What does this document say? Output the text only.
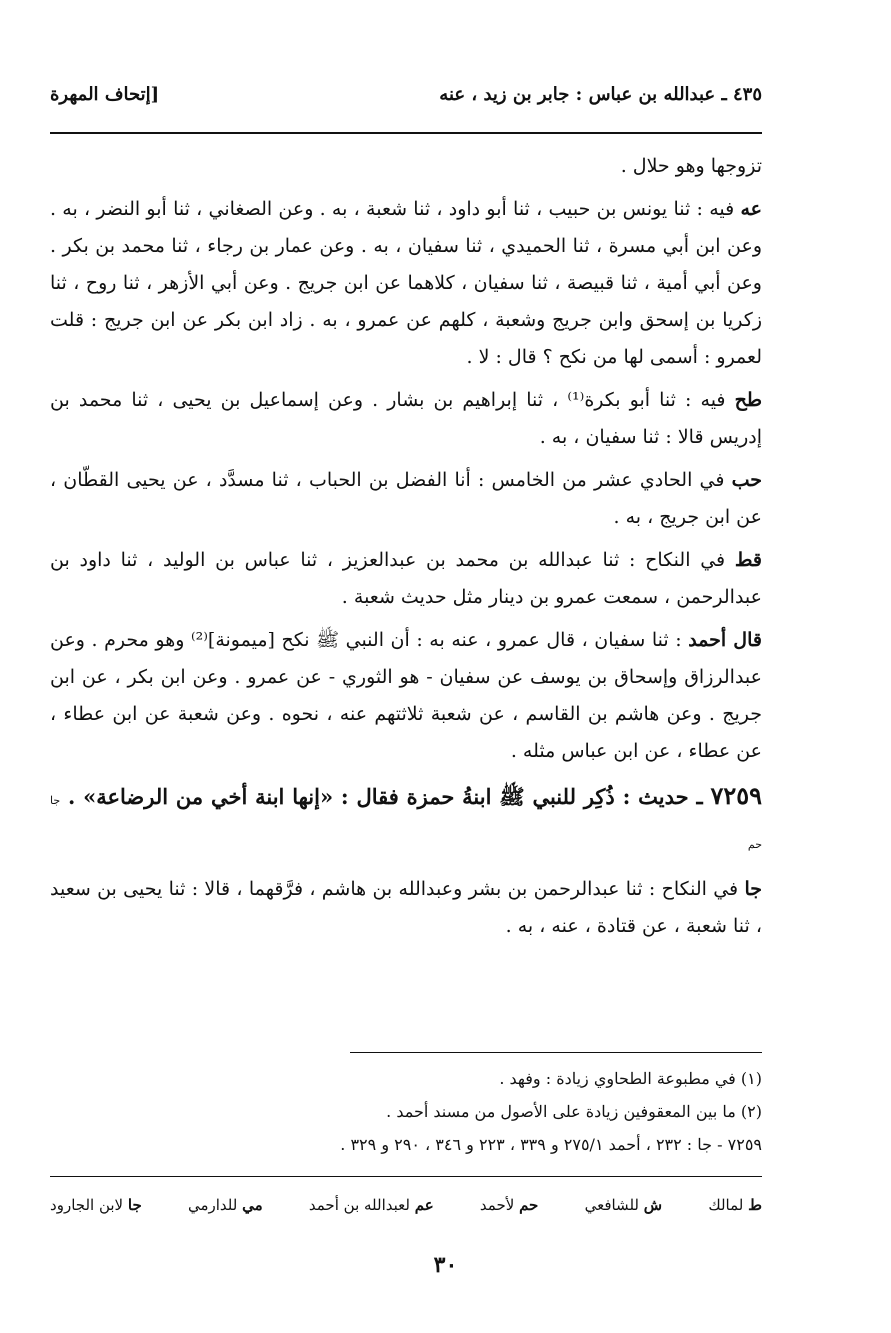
٤٣٥ ـ عبدالله بن عباس : جابر بن زيد ، عنه
[إتحاف المهرة

تزوجها وهو حلال .

عه فيه : ثنا يونس بن حبيب ، ثنا أبو داود ، ثنا شعبة ، به . وعن الصغاني ، ثنا أبو النضر ، به . وعن ابن أبي مسرة ، ثنا الحميدي ، ثنا سفيان ، به . وعن عمار بن رجاء ، ثنا محمد بن بكر . وعن أبي أمية ، ثنا قبيصة ، ثنا سفيان ، كلاهما عن ابن جريج . وعن أبي الأزهر ، ثنا روح ، ثنا زكريا بن إسحق وابن جريج وشعبة ، كلهم عن عمرو ، به . زاد ابن بكر عن ابن جريج : قلت لعمرو : أسمى لها من نكح ؟ قال : لا .

طح فيه : ثنا أبو بكرة⁽¹⁾ ، ثنا إبراهيم بن بشار . وعن إسماعيل بن يحيى ، ثنا محمد بن إدريس قالا : ثنا سفيان ، به .

حب في الحادي عشر من الخامس : أنا الفضل بن الحباب ، ثنا مسدَّد ، عن يحيى القطّان ، عن ابن جريج ، به .

قط في النكاح : ثنا عبدالله بن محمد بن عبدالعزيز ، ثنا عباس بن الوليد ، ثنا داود بن عبدالرحمن ، سمعت عمرو بن دينار مثل حديث شعبة .

قال أحمد : ثنا سفيان ، قال عمرو ، عنه به : أن النبي ﷺ نكح [ميمونة]⁽²⁾ وهو محرم . وعن عبدالرزاق وإسحاق بن يوسف عن سفيان - هو الثوري - عن عمرو . وعن ابن بكر ، عن ابن جريج . وعن هاشم بن القاسم ، عن شعبة ثلاثتهم عنه ، نحوه . وعن شعبة عن ابن عطاء ، عن عطاء ، عن ابن عباس مثله .

٧٢٥٩ ـ حديث : ذُكِر للنبي ﷺ ابنةُ حمزة فقال : «إنها ابنة أخي من الرضاعة» . جا حم

جا في النكاح : ثنا عبدالرحمن بن بشر وعبدالله بن هاشم ، فرَّقهما ، قالا : ثنا يحيى بن سعيد ، ثنا شعبة ، عن قتادة ، عنه ، به .

(١) في مطبوعة الطحاوي زيادة : وفهد .
(٢) ما بين المعقوفين زيادة على الأصول من مسند أحمد .
٧٢٥٩ - جا : ٢٣٢ ، أحمد ٢٧٥/١ و ٣٣٩ ، ٢٢٣ و ٣٤٦ ، ٢٩٠ و ٣٢٩ .
ط لمالك
ش للشافعي
حم لأحمد
عم لعبدالله بن أحمد
مي للدارمي
جا لابن الجارود
٣٠
